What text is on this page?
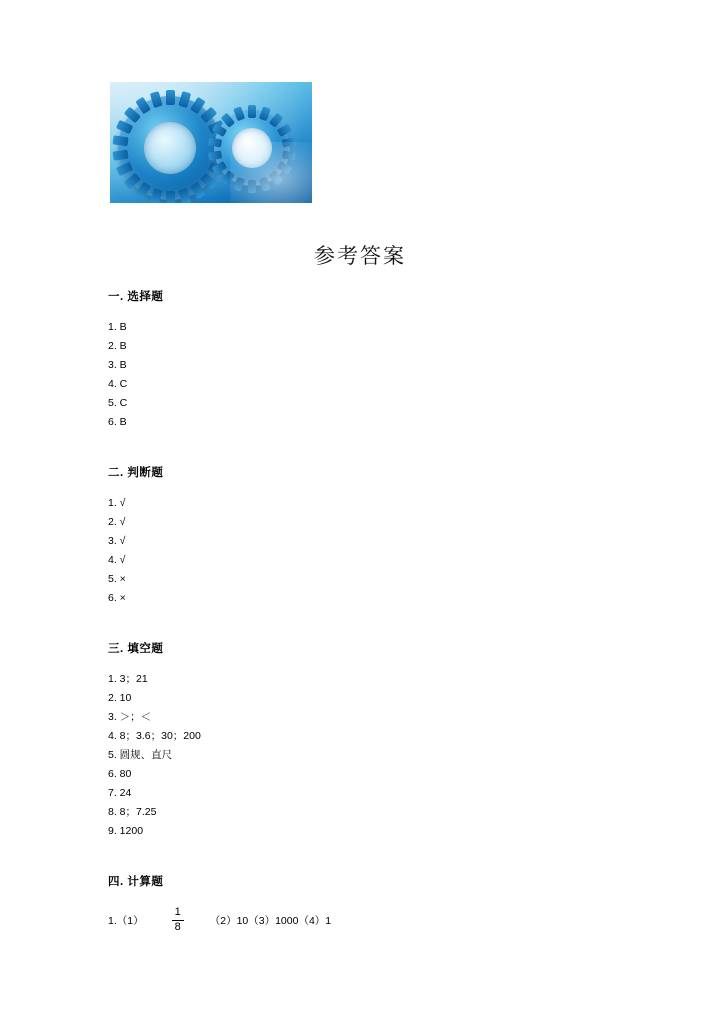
参考答案
一. 选择题
1. B
2. B
3. B
4. C
5. C
6. B
二. 判断题
1. √
2. √
3. √
4. √
5. ×
6. ×
三. 填空题
1. 3；21
2. 10
3. ＞；＜
4. 8；3.6；30；200
5. 圆规、直尺
6. 80
7. 24
8. 8；7.25
9. 1200
四. 计算题
1.（1）	$\frac{1}{8} (2)10(3)1000(4)1$
